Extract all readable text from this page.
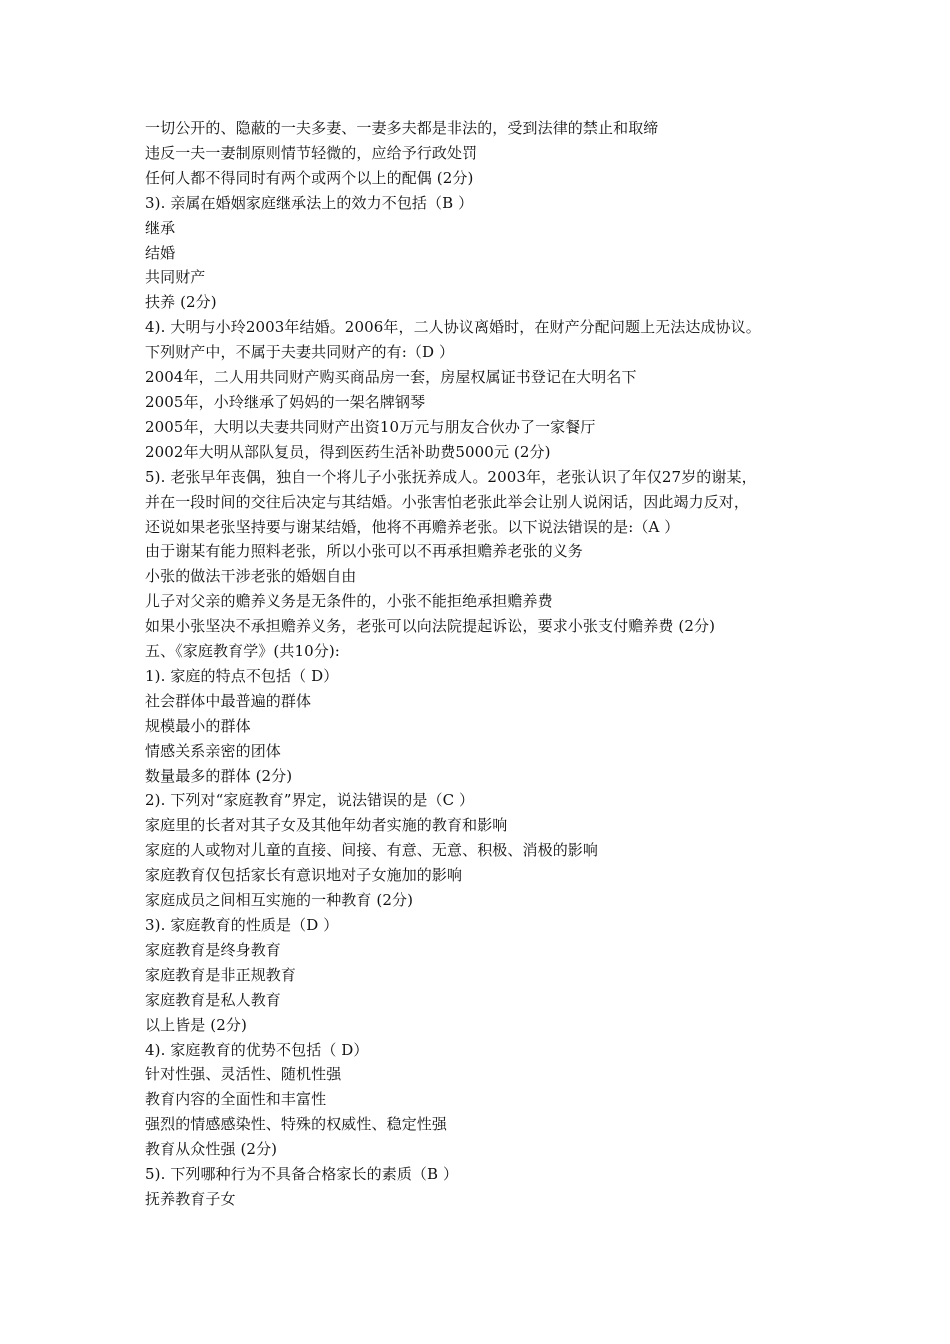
一切公开的、隐蔽的一夫多妻、一妻多夫都是非法的，受到法律的禁止和取缔
违反一夫一妻制原则情节轻微的，应给予行政处罚
任何人都不得同时有两个或两个以上的配偶 (2分)
3). 亲属在婚姻家庭继承法上的效力不包括（B ）
继承
结婚
共同财产
扶养 (2分)
4). 大明与小玲2003年结婚。2006年，二人协议离婚时，在财产分配问题上无法达成协议。
下列财产中，不属于夫妻共同财产的有:（D ）
2004年，二人用共同财产购买商品房一套，房屋权属证书登记在大明名下
2005年，小玲继承了妈妈的一架名牌钢琴
2005年，大明以夫妻共同财产出资10万元与朋友合伙办了一家餐厅
2002年大明从部队复员，得到医药生活补助费5000元 (2分)
5). 老张早年丧偶，独自一个将儿子小张抚养成人。2003年，老张认识了年仅27岁的谢某，
并在一段时间的交往后决定与其结婚。小张害怕老张此举会让别人说闲话，因此竭力反对，
还说如果老张坚持要与谢某结婚，他将不再赡养老张。以下说法错误的是:（A ）
由于谢某有能力照料老张，所以小张可以不再承担赡养老张的义务
小张的做法干涉老张的婚姻自由
儿子对父亲的赡养义务是无条件的，小张不能拒绝承担赡养费
如果小张坚决不承担赡养义务，老张可以向法院提起诉讼，要求小张支付赡养费 (2分)
五、《家庭教育学》(共10分):
1). 家庭的特点不包括（ D）
社会群体中最普遍的群体
规模最小的群体
情感关系亲密的团体
数量最多的群体 (2分)
2). 下列对“家庭教育”界定，说法错误的是（C ）
家庭里的长者对其子女及其他年幼者实施的教育和影响
家庭的人或物对儿童的直接、间接、有意、无意、积极、消极的影响
家庭教育仅包括家长有意识地对子女施加的影响
家庭成员之间相互实施的一种教育 (2分)
3). 家庭教育的性质是（D ）
家庭教育是终身教育
家庭教育是非正规教育
家庭教育是私人教育
以上皆是 (2分)
4). 家庭教育的优势不包括（ D）
针对性强、灵活性、随机性强
教育内容的全面性和丰富性
强烈的情感感染性、特殊的权威性、稳定性强
教育从众性强 (2分)
5). 下列哪种行为不具备合格家长的素质（B ）
抚养教育子女
